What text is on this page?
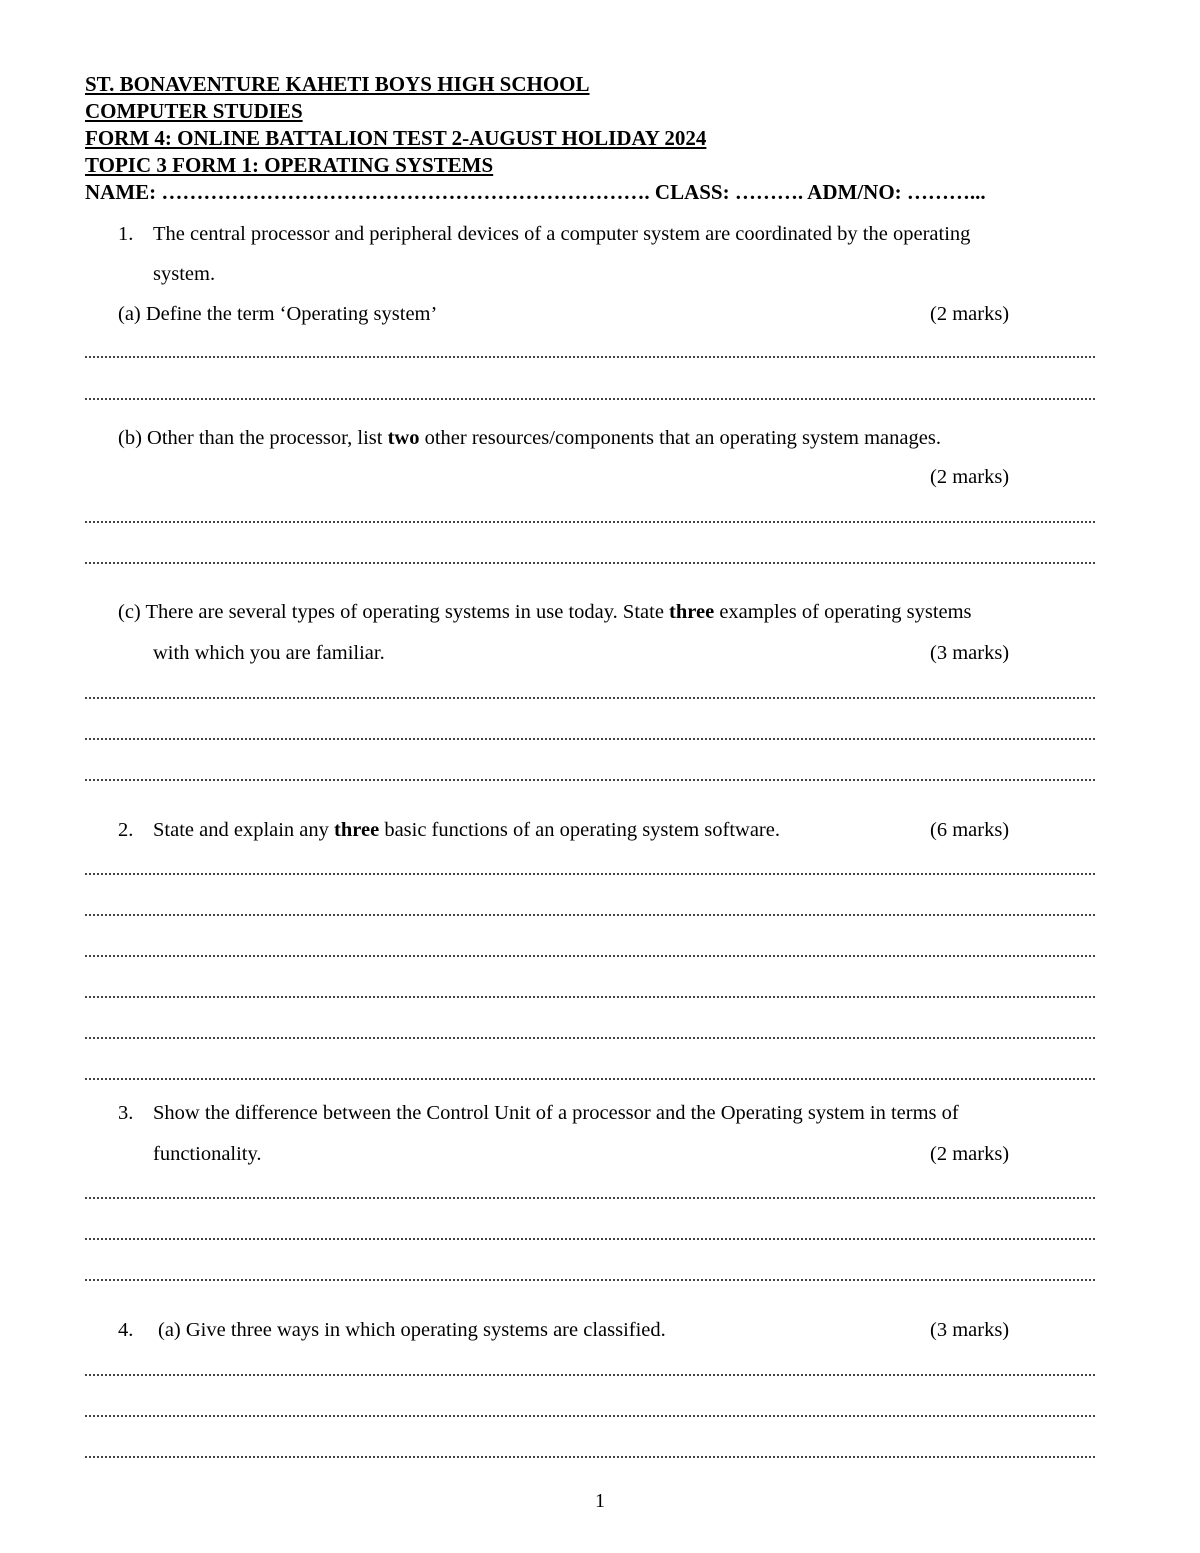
ST. BONAVENTURE KAHETI BOYS HIGH SCHOOL
COMPUTER STUDIES
FORM 4: ONLINE BATTALION TEST 2-AUGUST HOLIDAY 2024
TOPIC 3 FORM 1: OPERATING SYSTEMS
NAME: ……………………………………………………………. CLASS: ………. ADM/NO: ………...
1. The central processor and peripheral devices of a computer system are coordinated by the operating
system.
(a) Define the term ‘Operating system’	(2 marks)
(b) Other than the processor, list two other resources/components that an operating system manages.
(2 marks)
(c) There are several types of operating systems in use today. State three examples of operating systems
with which you are familiar.	(3 marks)
2. State and explain any three basic functions of an operating system software.	(6 marks)
3. Show the difference between the Control Unit of a processor and the Operating system in terms of
functionality.	(2 marks)
4. (a) Give three ways in which operating systems are classified.	(3 marks)
1
